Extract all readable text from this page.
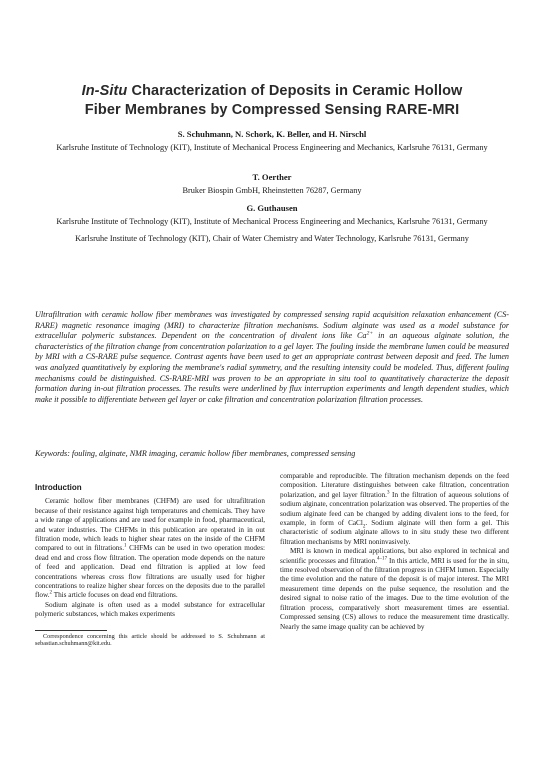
In-Situ Characterization of Deposits in Ceramic Hollow
Fiber Membranes by Compressed Sensing RARE-MRI
S. Schuhmann, N. Schork, K. Beller, and H. Nirschl

Karlsruhe Institute of Technology (KIT), Institute of Mechanical Process Engineering and Mechanics, Karlsruhe 76131, Germany

T. Oerther

Bruker Biospin GmbH, Rheinstetten 76287, Germany

G. Guthausen

Karlsruhe Institute of Technology (KIT), Institute of Mechanical Process Engineering and Mechanics, Karlsruhe 76131, Germany

Karlsruhe Institute of Technology (KIT), Chair of Water Chemistry and Water Technology, Karlsruhe 76131, Germany

Ultrafiltration with ceramic hollow fiber membranes was investigated by compressed sensing rapid acquisition relaxation enhancement (CS-RARE) magnetic resonance imaging (MRI) to characterize filtration mechanisms. Sodium alginate was used as a model substance for extracellular polymeric substances. Dependent on the concentration of divalent ions like $Ca^{2+}$ in an aqueous alginate solution, the characteristics of the filtration change from concentration polarization to a gel layer. The fouling inside the membrane lumen could be measured by MRI with a CS-RARE pulse sequence. Contrast agents have been used to get an appropriate contrast between deposit and feed. The lumen was analyzed quantitatively by exploring the membrane's radial symmetry, and the resulting intensity could be modeled. Thus, different fouling mechanisms could be distinguished. CS-RARE-MRI was proven to be an appropriate in situ tool to quantitatively characterize the deposit formation during in-out filtration processes. The results were underlined by flux interruption experiments and length dependent studies, which make it possible to differentiate between gel layer or cake filtration and concentration polarization filtration processes.
Keywords: fouling, alginate, NMR imaging, ceramic hollow fiber membranes, compressed sensing
Introduction

Ceramic hollow fiber membranes (CHFM) are used for ultrafiltration because of their resistance against high temperatures and chemicals. They have a wide range of applications and are used for example in food, pharmaceutical, and water industries. The CHFMs in this publication are operated in in out filtration mode, which leads to higher shear rates on the inside of the CHFM compared to out in filtrations.$^1$ CHFMs can be used in two operation modes: dead end and cross flow filtration. The operation mode depends on the nature of feed and application. Dead end filtration is applied at low feed concentrations whereas cross flow filtrations are usually used for higher concentrations to realize higher shear forces on the deposits due to the parallel flow.$^2$ This article focuses on dead end filtrations.

Sodium alginate is often used as a model substance for extracellular polymeric substances, which makes experiments

Correspondence concerning this article should be addressed to S. Schuhmann at sebastian.schuhmann@kit.edu.

comparable and reproducible. The filtration mechanism depends on the feed composition. Literature distinguishes between cake filtration, concentration polarization, and gel layer filtration.$^3$ In the filtration of aqueous solutions of sodium alginate, concentration polarization was observed. The properties of the sodium alginate feed can be changed by adding divalent ions to the feed, for example, in form of CaCl$_2$. Sodium alginate will then form a gel. This characteristic of sodium alginate allows to in situ study these two different filtration mechanisms by MRI noninvasively.

MRI is known in medical applications, but also explored in technical and scientific processes and filtration.$^{4-17}$ In this article, MRI is used for the in situ, time resolved observation of the filtration progress in CHFM lumen. Especially the time evolution and the nature of the deposit is of major interest. The MRI measurement time depends on the pulse sequence, the resolution and the desired signal to noise ratio of the images. Due to the time evolution of the filtration process, comparatively short measurement times are essential. Compressed sensing (CS) allows to reduce the measurement time drastically. Nearly the same image quality can be achieved by
